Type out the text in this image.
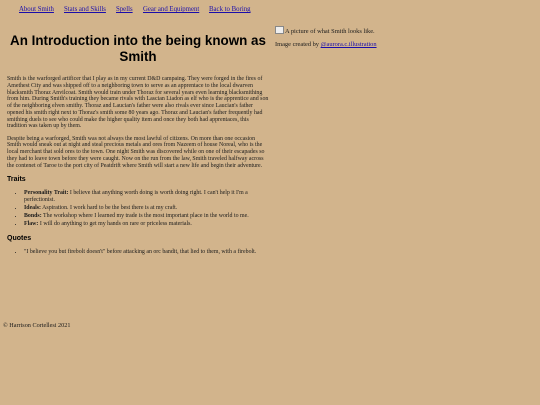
About Smith Stats and Skills Spells Gear and Equipment Back to Boring
An Introduction into the being known as Smith

Smith is the warforged artificer that I play as in my current D&D campaing. They were forged in the fires of Amethest City and was shipped off to a neighboring town to serve as an apprentace to the local dwarven blacksmith Thoraz Anvilcoat. Smith would train under Thoraz for several years even learning blacksmithing from him. During Smith's training they became rivals with Lascian Liadon as elf who is the apprentice and son of the neighboring elven smithy. Thoraz and Laucian's father were also rivals ever since Laucian's father opened his smith right next to Thoraz's smith some 80 years ago. Thoraz and Laucian's father frequently had smithing duels to see who could make the higher quality item and once they both had apprentaces, this tradition was taken up by them.

Despite being a warforged, Smith was not always the most lawful of citizens. On more than one occasion Smith would sneak out at night and steal precious metals and ores from Nazeem of house Noreal, who is the local merchant that sold ores to the town. One night Smith was discovered while on one of their escapades so they had to leave town before they were caught. Now on the run from the law, Smith traveled halfway across the contenet of Taroe to the port city of Peatdrift where Smith will start a new life and begin their adventure.

Traits
• Personality Trait: I believe that anything worth doing is worth doing right. I can't help it I'm a perfectionist.
• Ideals: Aspiration. I work hard to be the best there is at my craft.
• Bonds: The workshop where I learned my trade is the most important place in the world to me.
• Flaw: I will do anything to get my hands on rare or priceless materials.
Quotes
• "I believe you but firebolt doesn't" before attacking an orc bandit, that lied to them, with a firebolt.
A picture of what Smith looks like.
Image created by @aurora.c.illustration
© Harrison Cortellesi 2021
